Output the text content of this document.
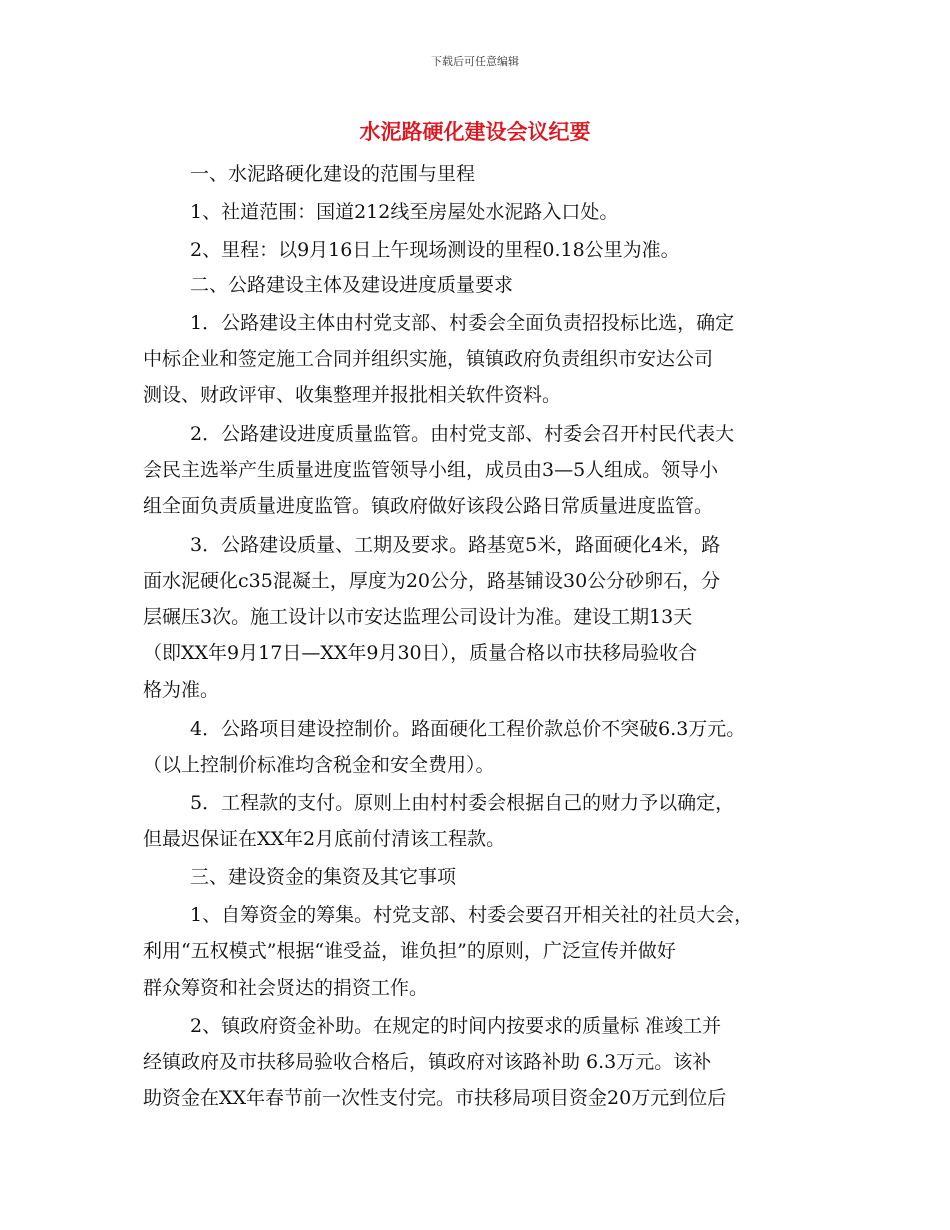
下载后可任意编辑
水泥路硬化建设会议纪要
一、水泥路硬化建设的范围与里程
1、社道范围：国道212线至房屋处水泥路入口处。
2、里程：以9月16日上午现场测设的里程0.18公里为准。
二、公路建设主体及建设进度质量要求
1．公路建设主体由村党支部、村委会全面负责招投标比选，确定
中标企业和签定施工合同并组织实施，镇镇政府负责组织市安达公司
测设、财政评审、收集整理并报批相关软件资料。
2．公路建设进度质量监管。由村党支部、村委会召开村民代表大
会民主选举产生质量进度监管领导小组，成员由3—5人组成。领导小
组全面负责质量进度监管。镇政府做好该段公路日常质量进度监管。
3．公路建设质量、工期及要求。路基宽5米，路面硬化4米，路
面水泥硬化c35混凝土，厚度为20公分，路基铺设30公分砂卵石，分
层碾压3次。施工设计以市安达监理公司设计为准。建设工期13天
（即XX年9月17日—XX年9月30日），质量合格以市扶移局验收合
格为准。
4．公路项目建设控制价。路面硬化工程价款总价不突破6.3万元。
（以上控制价标准均含税金和安全费用）。
5．工程款的支付。原则上由村村委会根据自己的财力予以确定，
但最迟保证在XX年2月底前付清该工程款。
三、建设资金的集资及其它事项
1、自筹资金的筹集。村党支部、村委会要召开相关社的社员大会，
利用“五权模式”根据“谁受益，谁负担”的原则，广泛宣传并做好
群众筹资和社会贤达的捐资工作。
2、镇政府资金补助。在规定的时间内按要求的质量标 准竣工并
经镇政府及市扶移局验收合格后，镇政府对该路补助 6.3万元。该补
助资金在XX年春节前一次性支付完。市扶移局项目资金20万元到位后
